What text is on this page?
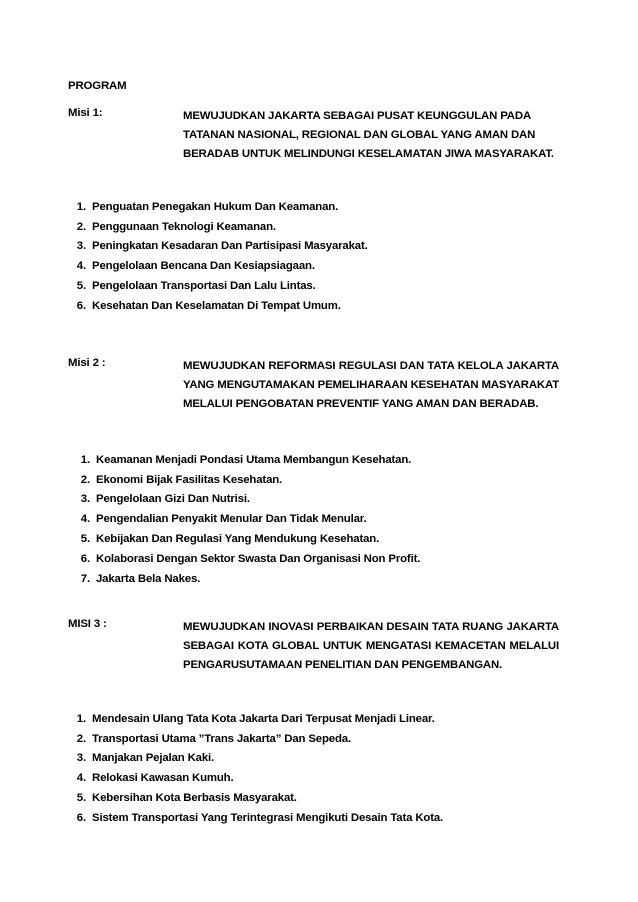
PROGRAM
Misi 1:	MEWUJUDKAN JAKARTA SEBAGAI PUSAT KEUNGGULAN PADA
TATANAN NASIONAL, REGIONAL DAN GLOBAL YANG AMAN DAN
BERADAB UNTUK MELINDUNGI KESELAMATAN JIWA MASYARAKAT.
1. Penguatan Penegakan Hukum Dan Keamanan.
2. Penggunaan Teknologi Keamanan.
3. Peningkatan Kesadaran Dan Partisipasi Masyarakat.
4. Pengelolaan Bencana Dan Kesiapsiagaan.
5. Pengelolaan Transportasi Dan Lalu Lintas.
6. Kesehatan Dan Keselamatan Di Tempat Umum.
Misi 2 :	MEWUJUDKAN REFORMASI REGULASI DAN TATA KELOLA JAKARTA
YANG MENGUTAMAKAN PEMELIHARAAN KESEHATAN MASYARAKAT
MELALUI PENGOBATAN PREVENTIF YANG AMAN DAN BERADAB.
1. Keamanan Menjadi Pondasi Utama Membangun Kesehatan.
2. Ekonomi Bijak Fasilitas Kesehatan.
3. Pengelolaan Gizi Dan Nutrisi.
4. Pengendalian Penyakit Menular Dan Tidak Menular.
5. Kebijakan Dan Regulasi Yang Mendukung Kesehatan.
6. Kolaborasi Dengan Sektor Swasta Dan Organisasi Non Profit.
7. Jakarta Bela Nakes.
MISI 3 :	MEWUJUDKAN INOVASI PERBAIKAN DESAIN TATA RUANG JAKARTA
SEBAGAI KOTA GLOBAL UNTUK MENGATASI KEMACETAN MELALUI
PENGARUSUTAMAAN PENELITIAN DAN PENGEMBANGAN.
1. Mendesain Ulang Tata Kota Jakarta Dari Terpusat Menjadi Linear.
2. Transportasi Utama ”Trans Jakarta” Dan Sepeda.
3. Manjakan Pejalan Kaki.
4. Relokasi Kawasan Kumuh.
5. Kebersihan Kota Berbasis Masyarakat.
6. Sistem Transportasi Yang Terintegrasi Mengikuti Desain Tata Kota.
